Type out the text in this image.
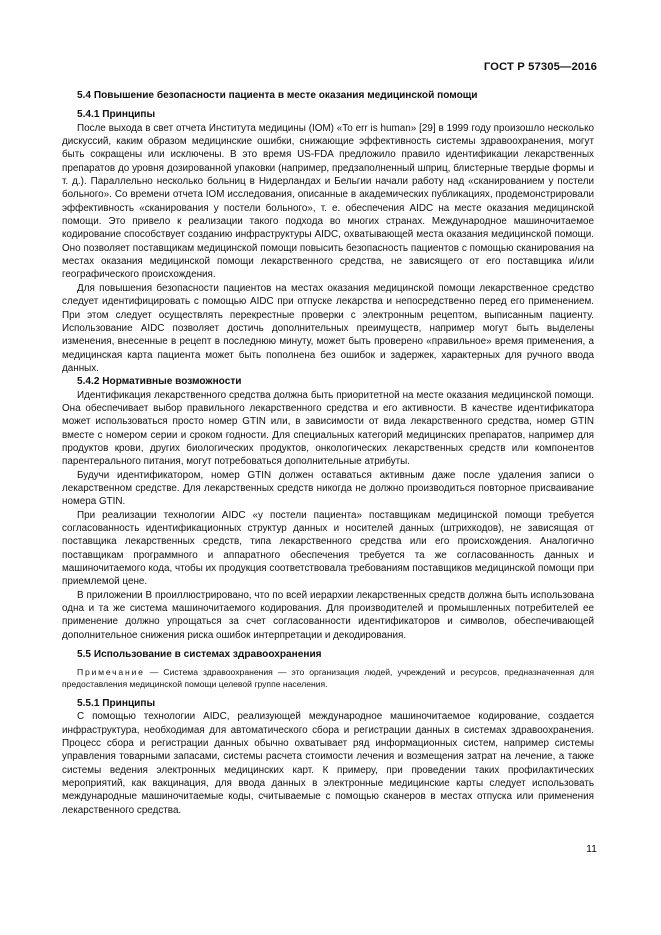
ГОСТ Р 57305—2016
5.4 Повышение безопасности пациента в месте оказания медицинской помощи
5.4.1 Принципы

После выхода в свет отчета Института медицины (IOM) «To err is human» [29] в 1999 году произошло несколько дискуссий, каким образом медицинские ошибки, снижающие эффективность системы здравоохранения, могут быть сокращены или исключены. В это время US-FDA предложило правило идентификации лекарственных препаратов до уровня дозированной упаковки (например, предзаполненный шприц, блистерные твердые формы и т. д.). Параллельно несколько больниц в Нидерландах и Бельгии начали работу над «сканированием у постели больного». Со времени отчета IOM исследования, описанные в академических публикациях, продемонстрировали эффективность «сканирования у постели больного», т. е. обеспечения AIDC на месте оказания медицинской помощи. Это привело к реализации такого подхода во многих странах. Международное машиночитаемое кодирование способствует созданию инфраструктуры AIDC, охватывающей места оказания медицинской помощи. Оно позволяет поставщикам медицинской помощи повысить безопасность пациентов с помощью сканирования на местах оказания медицинской помощи лекарственного средства, не зависящего от его поставщика и/или географического происхождения.

Для повышения безопасности пациентов на местах оказания медицинской помощи лекарственное средство следует идентифицировать с помощью AIDC при отпуске лекарства и непосредственно перед его применением. При этом следует осуществлять перекрестные проверки с электронным рецептом, выписанным пациенту. Использование AIDC позволяет достичь дополнительных преимуществ, например могут быть выделены изменения, внесенные в рецепт в последнюю минуту, может быть проверено «правильное» время применения, а медицинская карта пациента может быть пополнена без ошибок и задержек, характерных для ручного ввода данных.

5.4.2 Нормативные возможности

Идентификация лекарственного средства должна быть приоритетной на месте оказания медицинской помощи. Она обеспечивает выбор правильного лекарственного средства и его активности. В качестве идентификатора может использоваться просто номер GTIN или, в зависимости от вида лекарственного средства, номер GTIN вместе с номером серии и сроком годности. Для специальных категорий медицинских препаратов, например для продуктов крови, других биологических продуктов, онкологических лекарственных средств или компонентов парентерального питания, могут потребоваться дополнительные атрибуты.

Будучи идентификатором, номер GTIN должен оставаться активным даже после удаления записи о лекарственном средстве. Для лекарственных средств никогда не должно производиться повторное присваивание номера GTIN.

При реализации технологии AIDC «у постели пациента» поставщикам медицинской помощи требуется согласованность идентификационных структур данных и носителей данных (штрихкодов), не зависящая от поставщика лекарственных средств, типа лекарственного средства или его происхождения. Аналогично поставщикам программного и аппаратного обеспечения требуется та же согласованность данных и машиночитаемого кода, чтобы их продукция соответствовала требованиям поставщиков медицинской помощи при приемлемой цене.

В приложении В проиллюстрировано, что по всей иерархии лекарственных средств должна быть использована одна и та же система машиночитаемого кодирования. Для производителей и промышленных потребителей ее применение должно упрощаться за счет согласованности идентификаторов и символов, обеспечивающей дополнительное снижения риска ошибок интерпретации и декодирования.

5.5 Использование в системах здравоохранения

Примечание — Система здравоохранения — это организация людей, учреждений и ресурсов, предназначенная для предоставления медицинской помощи целевой группе населения.

5.5.1 Принципы

С помощью технологии AIDC, реализующей международное машиночитаемое кодирование, создается инфраструктура, необходимая для автоматического сбора и регистрации данных в системах здравоохранения. Процесс сбора и регистрации данных обычно охватывает ряд информационных систем, например системы управления товарными запасами, системы расчета стоимости лечения и возмещения затрат на лечение, а также системы ведения электронных медицинских карт. К примеру, при проведении таких профилактических мероприятий, как вакцинация, для ввода данных в электронные медицинские карты следует использовать международные машиночитаемые коды, считываемые с помощью сканеров в местах отпуска или применения лекарственного средства.

11
